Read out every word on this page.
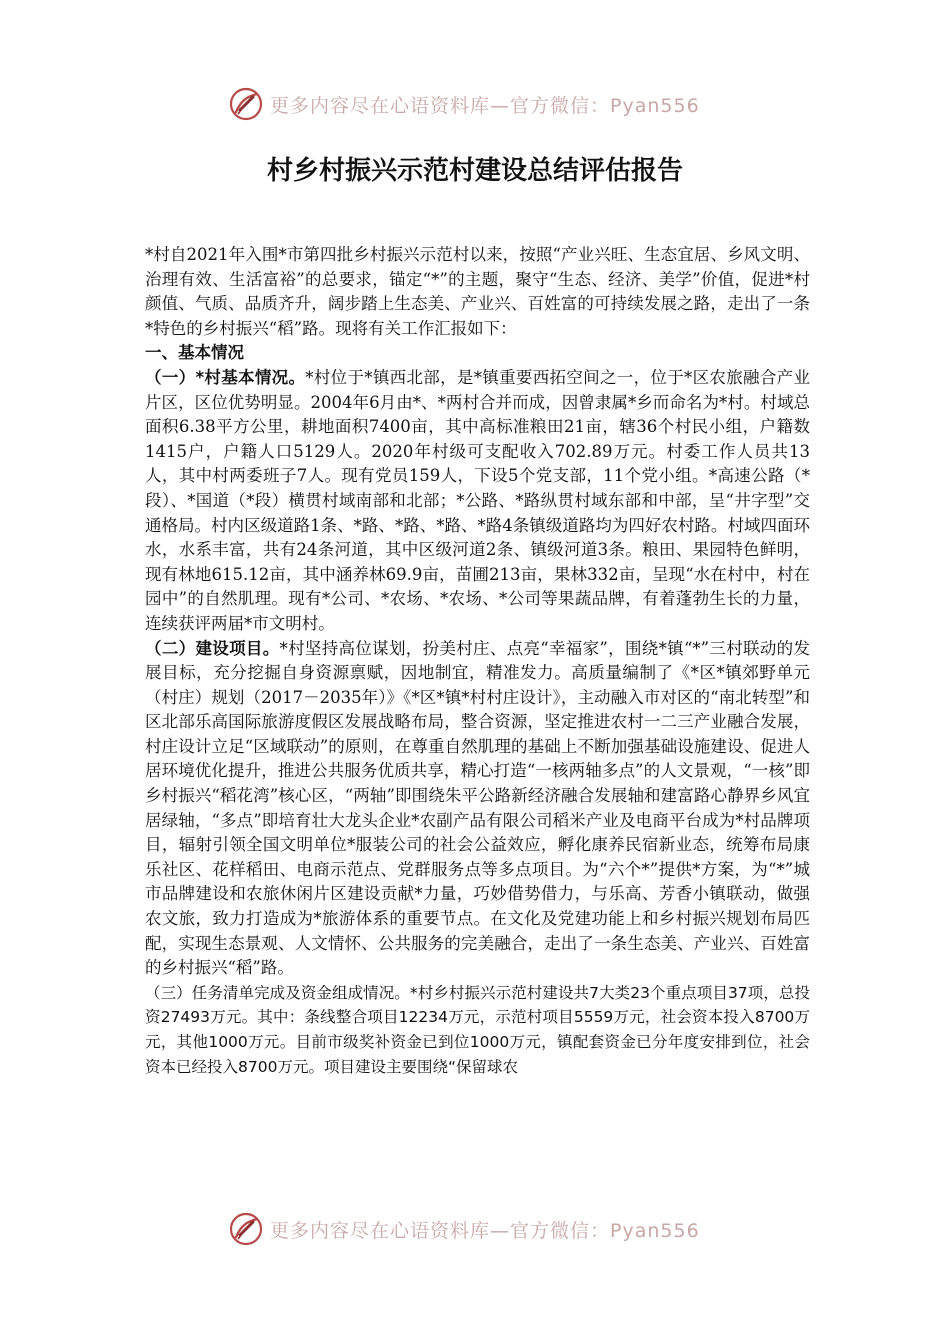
更多内容尽在心语资料库—官方微信：Pyan556
村乡村振兴示范村建设总结评估报告

*村自2021年入围*市第四批乡村振兴示范村以来，按照“产业兴旺、生态宜居、乡风文明、治理有效、生活富裕”的总要求，锚定“*”的主题，聚守“生态、经济、美学”价值，促进*村颜值、气质、品质齐升，阔步踏上生态美、产业兴、百姓富的可持续发展之路，走出了一条*特色的乡村振兴“稻”路。现将有关工作汇报如下：

一、基本情况

（一）*村基本情况。*村位于*镇西北部，是*镇重要西拓空间之一，位于*区农旅融合产业片区，区位优势明显。2004年6月由*、*两村合并而成，因曾隶属*乡而命名为*村。村域总面积6.38平方公里，耕地面积7400亩，其中高标准粮田21亩，辖36个村民小组，户籍数1415户，户籍人口5129人。2020年村级可支配收入702.89万元。村委工作人员共13人，其中村两委班子7人。现有党员159人，下设5个党支部，11个党小组。*高速公路（*段）、*国道（*段）横贯村域南部和北部；*公路、*路纵贯村域东部和中部，呈“井字型”交通格局。村内区级道路1条、*路、*路、*路、*路4条镇级道路均为四好农村路。村域四面环水，水系丰富，共有24条河道，其中区级河道2条、镇级河道3条。粮田、果园特色鲜明，现有林地615.12亩，其中涵养林69.9亩，苗圃213亩，果林332亩，呈现“水在村中，村在园中”的自然肌理。现有*公司、*农场、*农场、*公司等果蔬品牌，有着蓬勃生长的力量，连续获评两届*市文明村。

（二）建设项目。*村坚持高位谋划，扮美村庄、点亮“幸福家”，围绕*镇“*”三村联动的发展目标，充分挖掘自身资源禀赋，因地制宜，精准发力。高质量编制了《*区*镇郊野单元（村庄）规划（2017－2035年）》《*区*镇*村村庄设计》，主动融入市对区的“南北转型”和区北部乐高国际旅游度假区发展战略布局，整合资源，坚定推进农村一二三产业融合发展，村庄设计立足“区域联动”的原则，在尊重自然肌理的基础上不断加强基础设施建设、促进人居环境优化提升，推进公共服务优质共享，精心打造“一核两轴多点”的人文景观，“一核”即乡村振兴“稻花湾”核心区，“两轴”即围绕朱平公路新经济融合发展轴和建富路心静界乡风宜居绿轴，“多点”即培育壮大龙头企业*农副产品有限公司稻米产业及电商平台成为*村品牌项目，辐射引领全国文明单位*服装公司的社会公益效应，孵化康养民宿新业态，统筹布局康乐社区、花样稻田、电商示范点、党群服务点等多点项目。为“六个*”提供*方案，为“*”城市品牌建设和农旅休闲片区建设贡献*力量，巧妙借势借力，与乐高、芳香小镇联动，做强农文旅，致力打造成为*旅游体系的重要节点。在文化及党建功能上和乡村振兴规划布局匹配，实现生态景观、人文情怀、公共服务的完美融合，走出了一条生态美、产业兴、百姓富的乡村振兴“稻”路。

（三）任务清单完成及资金组成情况。*村乡村振兴示范村建设共7大类23个重点项目37项，总投资27493万元。其中：条线整合项目12234万元，示范村项目5559万元，社会资本投入8700万元，其他1000万元。目前市级奖补资金已到位1000万元，镇配套资金已分年度安排到位，社会资本已经投入8700万元。项目建设主要围绕“保留球农

更多内容尽在心语资料库—官方微信：Pyan556
